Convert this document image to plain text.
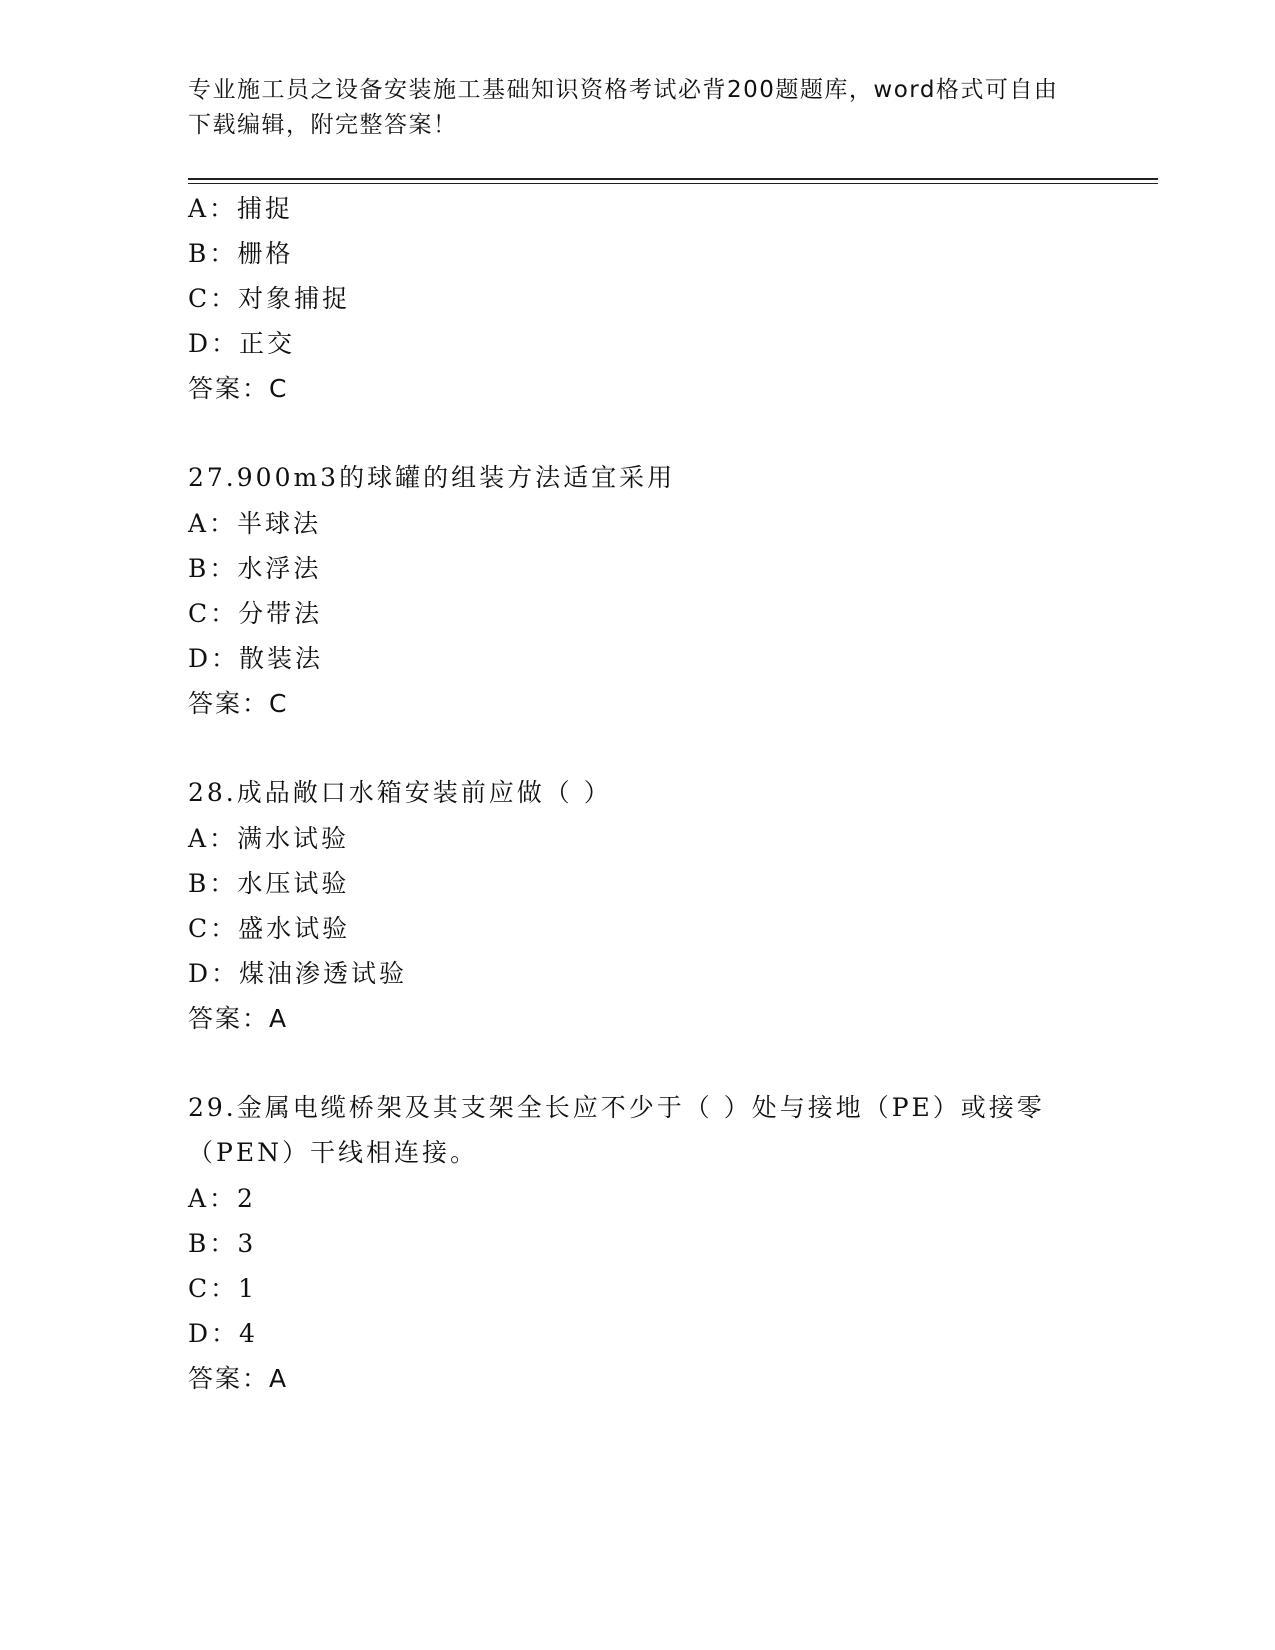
专业施工员之设备安装施工基础知识资格考试必背200题题库，word格式可自由
下载编辑，附完整答案！
A：捕捉
B：栅格
C：对象捕捉
D：正交
答案：C
27.900m3的球罐的组装方法适宜采用
A：半球法
B：水浮法
C：分带法
D：散装法
答案：C
28.成品敞口水箱安装前应做（ ）
A：满水试验
B：水压试验
C：盛水试验
D：煤油渗透试验
答案：A
29.金属电缆桥架及其支架全长应不少于（ ）处与接地（PE）或接零
（PEN）干线相连接。
A：2
B：3
C：1
D：4
答案：A
